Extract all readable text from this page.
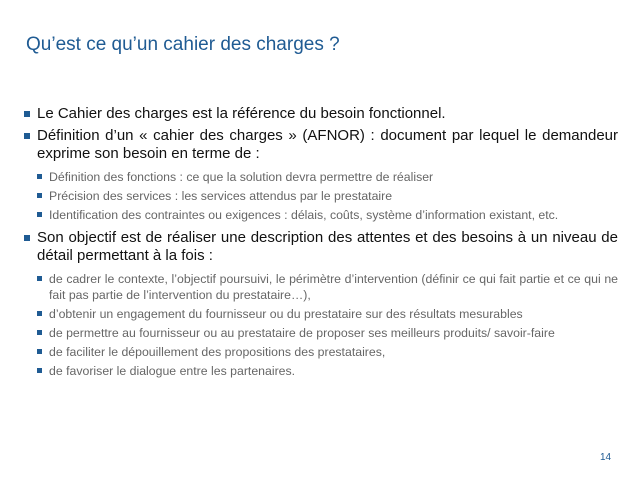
Qu’est ce qu’un cahier des charges ?
Le Cahier des charges est la référence du besoin fonctionnel.
Définition d’un « cahier des charges » (AFNOR) : document par lequel le demandeur exprime son besoin en terme de :
Définition des fonctions : ce que la solution devra permettre de réaliser
Précision des services : les services attendus par le prestataire
Identification des contraintes ou exigences : délais, coûts, système d’information existant, etc.
Son objectif est de réaliser une description des attentes et des besoins à un niveau de détail permettant à la fois :
de cadrer le contexte, l’objectif poursuivi, le périmètre d’intervention (définir ce qui fait partie et ce qui ne fait pas partie de l’intervention du prestataire…),
d’obtenir un engagement du fournisseur ou du prestataire sur des résultats mesurables
de permettre au fournisseur ou au prestataire de proposer ses meilleurs produits/ savoir-faire
de faciliter le dépouillement des propositions des prestataires,
de favoriser le dialogue entre les partenaires.
14
